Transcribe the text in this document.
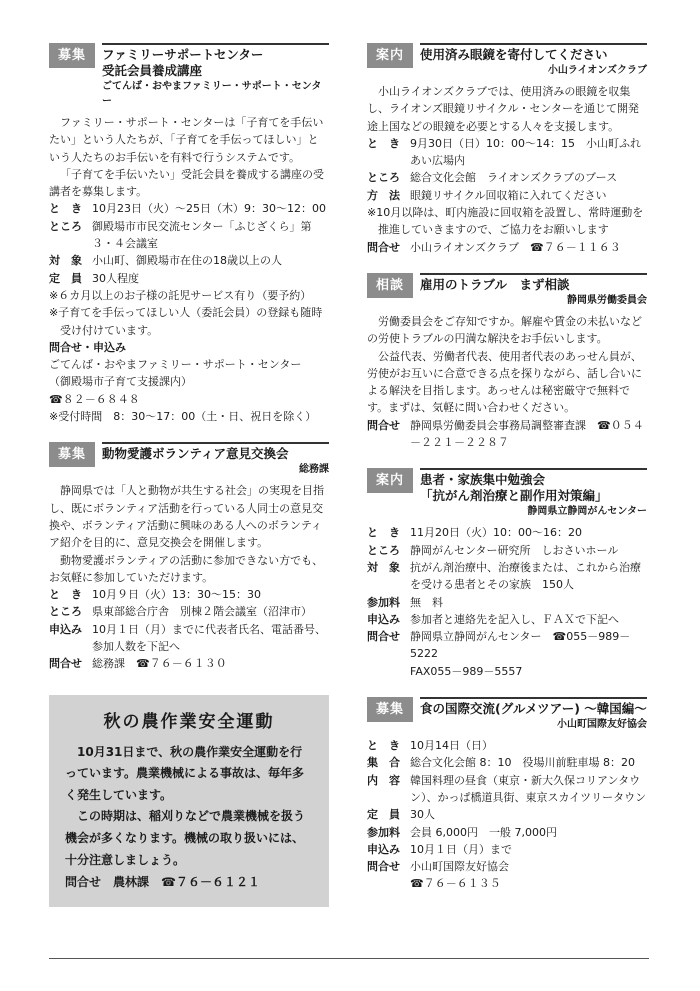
募集	ファミリーサポートセンター
受託会員養成講座
ごてんば・おやまファミリー・サポート・センター

ファミリー・サポート・センターは「子育てを手伝いたい」という人たちが、「子育てを手伝ってほしい」という人たちのお手伝いを有料で行うシステムです。

「子育てを手伝いたい」受託会員を養成する講座の受講者を募集します。

と　き 10月23日（火）～25日（木）9：30～12：00
ところ 御殿場市市民交流センター「ふじざくら」第３・４会議室
対　象 小山町、御殿場市在住の18歳以上の人
定　員 30人程度
※６カ月以上のお子様の託児サービス有り（要予約）
※子育てを手伝ってほしい人（委託会員）の登録も随時受け付けています。
問合せ・申込み
ごてんば・おやまファミリー・サポート・センター
（御殿場市子育て支援課内）
☎８２－６８４８
※受付時間　8：30～17：00（土・日、祝日を除く）
募集	動物愛護ボランティア意見交換会
総務課

静岡県では「人と動物が共生する社会」の実現を目指し、既にボランティア活動を行っている人同士の意見交換や、ボランティア活動に興味のある人へのボランティア紹介を目的に、意見交換会を開催します。

動物愛護ボランティアの活動に参加できない方でも、お気軽に参加していただけます。

と　き 10月９日（火）13：30～15：30
ところ 県東部総合庁舎　別棟２階会議室（沼津市）
申込み 10月１日（月）までに代表者氏名、電話番号、参加人数を下記へ
問合せ 総務課　☎７６－６１３０
秋の農作業安全運動

10月31日まで、秋の農作業安全運動を行っています。農業機械による事故は、毎年多く発生しています。

この時期は、稲刈りなどで農業機械を扱う機会が多くなります。機械の取り扱いには、十分注意しましょう。

問合せ　農林課　☎７６－６１２１
案内	使用済み眼鏡を寄付してください
小山ライオンズクラブ

小山ライオンズクラブでは、使用済みの眼鏡を収集し、ライオンズ眼鏡リサイクル・センターを通じて開発途上国などの眼鏡を必要とする人々を支援します。

と　き 9月30日（日）10：00～14：15　小山町ふれあい広場内
ところ 総合文化会館　ライオンズクラブのブース
方　法 眼鏡リサイクル回収箱に入れてください
※10月以降は、町内施設に回収箱を設置し、常時運動を推進していきますので、ご協力をお願いします
問合せ 小山ライオンズクラブ　☎７６－１１６３
相談	雇用のトラブル　まず相談
静岡県労働委員会

労働委員会をご存知ですか。解雇や賃金の未払いなどの労使トラブルの円満な解決をお手伝いします。

公益代表、労働者代表、使用者代表のあっせん員が、労使がお互いに合意できる点を探りながら、話し合いによる解決を目指します。あっせんは秘密厳守で無料です。まずは、気軽に問い合わせください。

問合せ 静岡県労働委員会事務局調整審査課　☎０５４－２２１－２２８７
案内	患者・家族集中勉強会
「抗がん剤治療と副作用対策編」
静岡県立静岡がんセンター
と　き 11月20日（火）10：00～16：20
ところ 静岡がんセンター研究所　しおさいホール
対　象 抗がん剤治療中、治療後または、これから治療を受ける患者とその家族　150人
参加料 無　料
申込み 参加者と連絡先を記入し、ＦＡＸで下記へ
問合せ 静岡県立静岡がんセンター　☎055－989－5222
FAX055－989－5557
募集	食の国際交流(グルメツアー) ～韓国編～
小山町国際友好協会
と　き 10月14日（日）
集　合 総合文化会館 8：10　役場川前駐車場 8：20
内　容 韓国料理の昼食（東京・新大久保コリアンタウン）、かっぱ橋道具街、東京スカイツリータウン
定　員 30人
参加料 会員 6,000円　一般 7,000円
申込み 10月１日（月）まで
問合せ 小山町国際友好協会
☎７６－６１３５
